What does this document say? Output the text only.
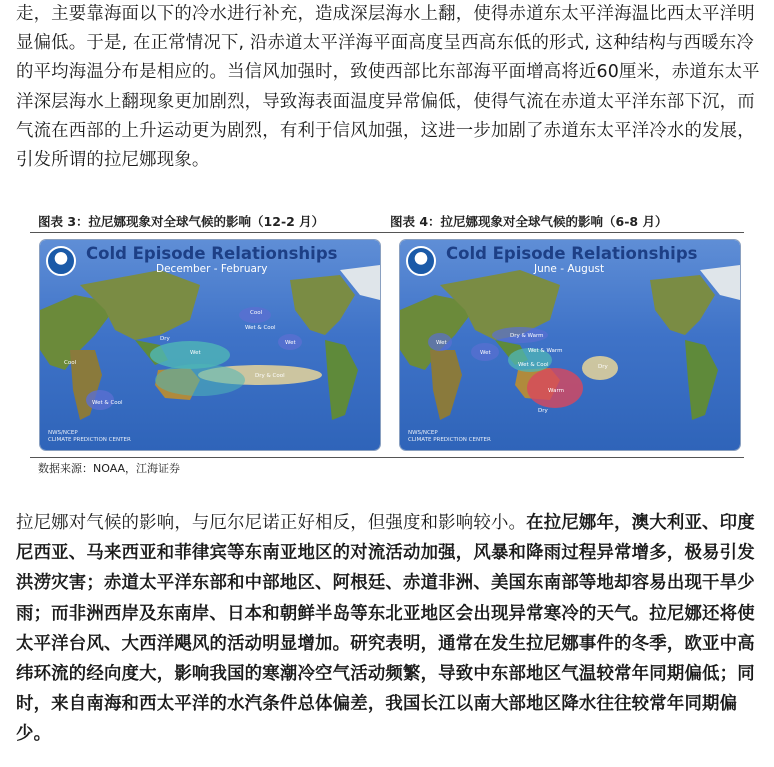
走，主要靠海面以下的冷水进行补充，造成深层海水上翻，使得赤道东太平洋海温比西太平洋明显偏低。于是, 在正常情况下, 沿赤道太平洋海平面高度呈西高东低的形式, 这种结构与西暖东冷的平均海温分布是相应的。当信风加强时，致使西部比东部海平面增高将近60厘米，赤道东太平洋深层海水上翻现象更加剧烈，导致海表面温度异常偏低，使得气流在赤道太平洋东部下沉，而气流在西部的上升运动更为剧烈，有利于信风加强，这进一步加剧了赤道东太平洋冷水的发展，引发所谓的拉尼娜现象。
图表 3：拉尼娜现象对全球气候的影响（12-2 月）	图表 4：拉尼娜现象对全球气候的影响（6-8 月）
Cold Episode Relationships
December - February
Wet & Cool
Cool
Dry
Wet
Cool
Dry & Cool
Wet & Cool
Wet
NWS/NCEP
CLIMATE PREDICTION CENTER
Cold Episode Relationships
June - August
Dry & Warm
Wet & Warm
Wet & Cool	Dry
Warm
Wet
Dry
Wet
NWS/NCEP
CLIMATE PREDICTION CENTER
数据来源：NOAA，江海证券
拉尼娜对气候的影响，与厄尔尼诺正好相反，但强度和影响较小。在拉尼娜年，澳大利亚、印度尼西亚、马来西亚和菲律宾等东南亚地区的对流活动加强，风暴和降雨过程异常增多，极易引发洪涝灾害；赤道太平洋东部和中部地区、阿根廷、赤道非洲、美国东南部等地却容易出现干旱少雨；而非洲西岸及东南岸、日本和朝鲜半岛等东北亚地区会出现异常寒冷的天气。拉尼娜还将使太平洋台风、大西洋飓风的活动明显增加。研究表明，通常在发生拉尼娜事件的冬季，欧亚中高纬环流的经向度大，影响我国的寒潮冷空气活动频繁，导致中东部地区气温较常年同期偏低；同时，来自南海和西太平洋的水汽条件总体偏差，我国长江以南大部地区降水往往较常年同期偏少。
